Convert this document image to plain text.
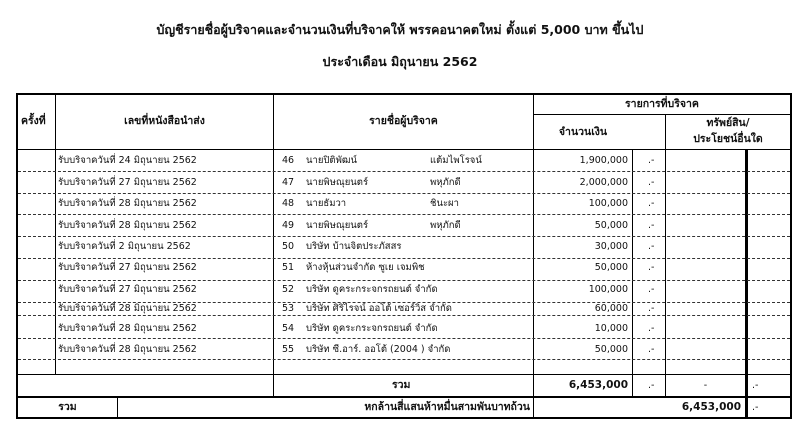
บัญชีรายชื่อผู้บริจาคและจำนวนเงินที่บริจาคให้ พรรคอนาคตใหม่ ตั้งแต่ 5,000 บาท ขึ้นไป
ประจำเดือน มิถุนายน 2562
ครั้งที่	เลขที่หนังสือนำส่ง	รายชื่อผู้บริจาค
รายการที่บริจาค
จำนวนเงิน
ทรัพย์สิน/
ประโยชน์อื่นใด
รับบริจาควันที่ 24 มิถุนายน 2562	46 นายปิติพัฒน์	แต้มไพโรจน์	1,900,000 .-
รับบริจาควันที่ 27 มิถุนายน 2562	47 นายพิษณุยนตร์	พหุภักดี	2,000,000 .-
รับบริจาควันที่ 28 มิถุนายน 2562	48 นายธัมวา	ชินะผา	100,000 .-
รับบริจาควันที่ 28 มิถุนายน 2562	49 นายพิษณุยนตร์	พหุภักดี	50,000 .-
รับบริจาควันที่ 2 มิถุนายน 2562	50 บริษัท บ้านจิตประภัสสร	30,000 .-
รับบริจาควันที่ 27 มิถุนายน 2562	51 ห้างหุ้นส่วนจำกัด ซูเย เจมพิช	50,000 .-
รับบริจาควันที่ 27 มิถุนายน 2562	52 บริษัท ดูคระกระจกรถยนต์ จำกัด	100,000 .-
รับบริจาควันที่ 28 มิถุนายน 2562	53 บริษัท ศิริไรจน์ ออโต้ เซอร์วิส จำกัด	60,000 .-
รับบริจาควันที่ 28 มิถุนายน 2562	54 บริษัท ดูคระกระจกรถยนต์ จำกัด	10,000 .-
รับบริจาควันที่ 28 มิถุนายน 2562	55 บริษัท ซี.อาร์. ออโต้ (2004 ) จำกัด	50,000 .-
รวม	6,453,000 .-	-	.-
รวม	หกล้านสี่แสนห้าหมื่นสามพันบาทถ้วน	6,453,000 .-
